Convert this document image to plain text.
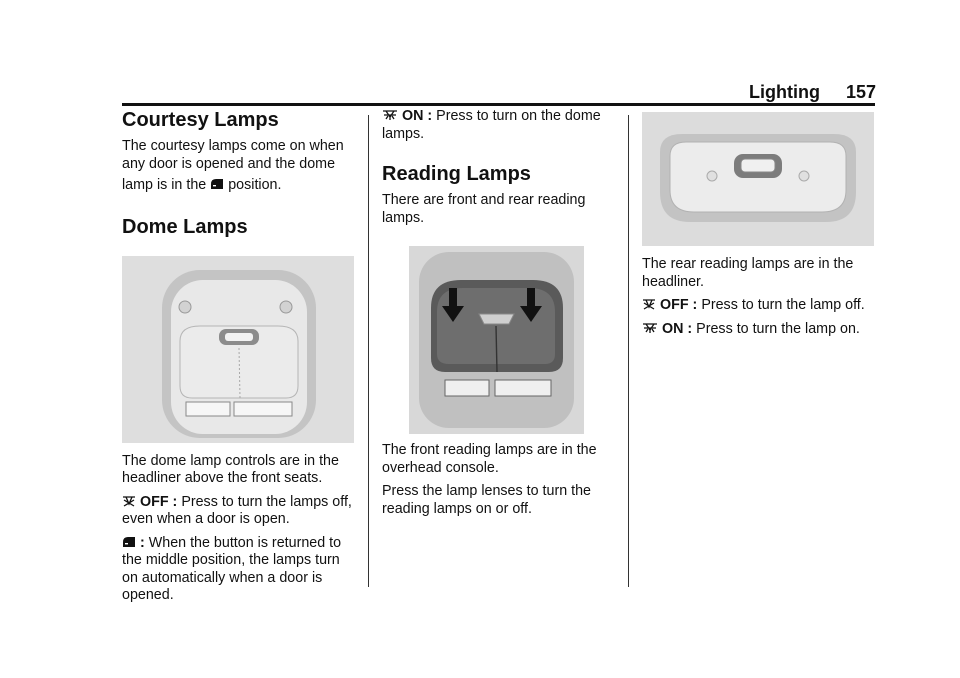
Lighting 157
Courtesy Lamps

The courtesy lamps come on when any door is opened and the dome

lamp is in the position.

Dome Lamps

The dome lamp controls are in the headliner above the front seats.

OFF : Press to turn the lamps off, even when a door is open.

: When the button is returned to the middle position, the lamps turn on automatically when a door is opened.

ON : Press to turn on the dome lamps.

Reading Lamps

There are front and rear reading lamps.

The front reading lamps are in the overhead console.

Press the lamp lenses to turn the reading lamps on or off.

The rear reading lamps are in the headliner.

OFF : Press to turn the lamp off.

ON : Press to turn the lamp on.
